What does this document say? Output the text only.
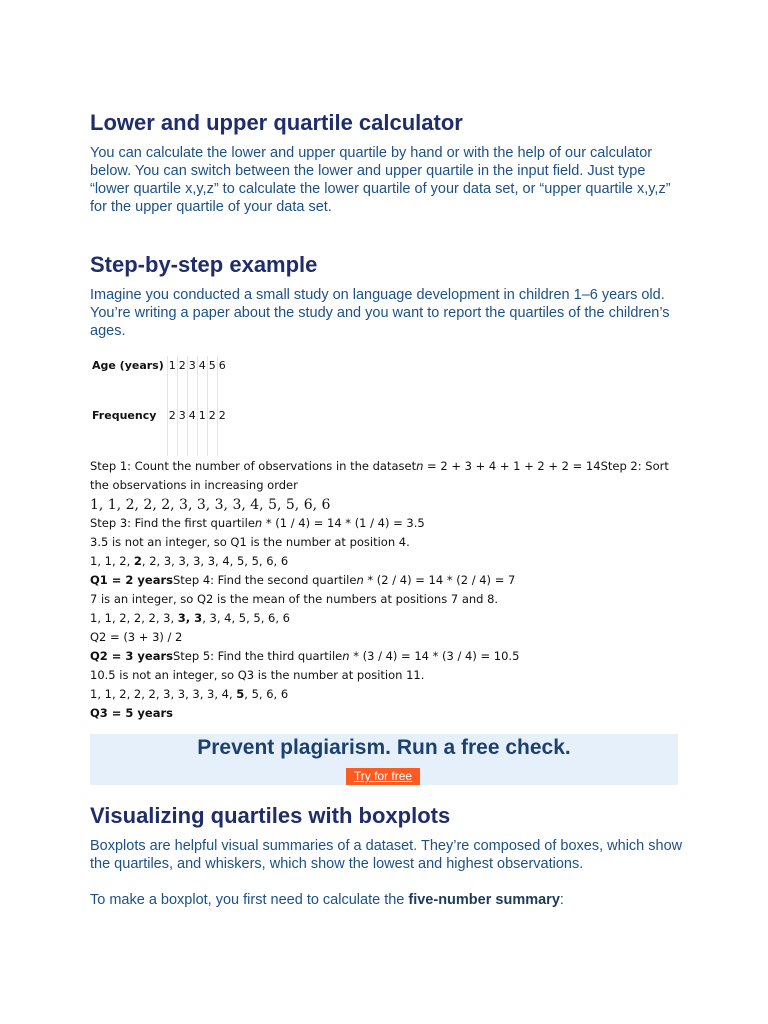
Lower and upper quartile calculator

You can calculate the lower and upper quartile by hand or with the help of our calculator below. You can switch between the lower and upper quartile in the input field. Just type “lower quartile x,y,z” to calculate the lower quartile of your data set, or “upper quartile x,y,z” for the upper quartile of your data set.

Step-by-step example

Imagine you conducted a small study on language development in children 1–6 years old. You’re writing a paper about the study and you want to report the quartiles of the children’s ages.

Age (years)	1	2	3	4	5	6
Frequency	2	3	4	1	2	2
Step 1: Count the number of observations in the datasetn = 2 + 3 + 4 + 1 + 2 + 2 = 14Step 2: Sort the observations in increasing order
1, 1, 2, 2, 2, 3, 3, 3, 3, 4, 5, 5, 6, 6
Step 3: Find the first quartilen * (1 / 4) = 14 * (1 / 4) = 3.5
3.5 is not an integer, so Q1 is the number at position 4.
1, 1, 2, 2, 2, 3, 3, 3, 3, 4, 5, 5, 6, 6
Q1 = 2 yearsStep 4: Find the second quartilen * (2 / 4) = 14 * (2 / 4) = 7
7 is an integer, so Q2 is the mean of the numbers at positions 7 and 8.
1, 1, 2, 2, 2, 3, 3, 3, 3, 4, 5, 5, 6, 6
Q2 = (3 + 3) / 2
Q2 = 3 yearsStep 5: Find the third quartilen * (3 / 4) = 14 * (3 / 4) = 10.5
10.5 is not an integer, so Q3 is the number at position 11.
1, 1, 2, 2, 2, 3, 3, 3, 3, 4, 5, 5, 6, 6
Q3 = 5 years
Prevent plagiarism. Run a free check.
Try for free
Visualizing quartiles with boxplots

Boxplots are helpful visual summaries of a dataset. They’re composed of boxes, which show the quartiles, and whiskers, which show the lowest and highest observations.

To make a boxplot, you first need to calculate the five-number summary:
